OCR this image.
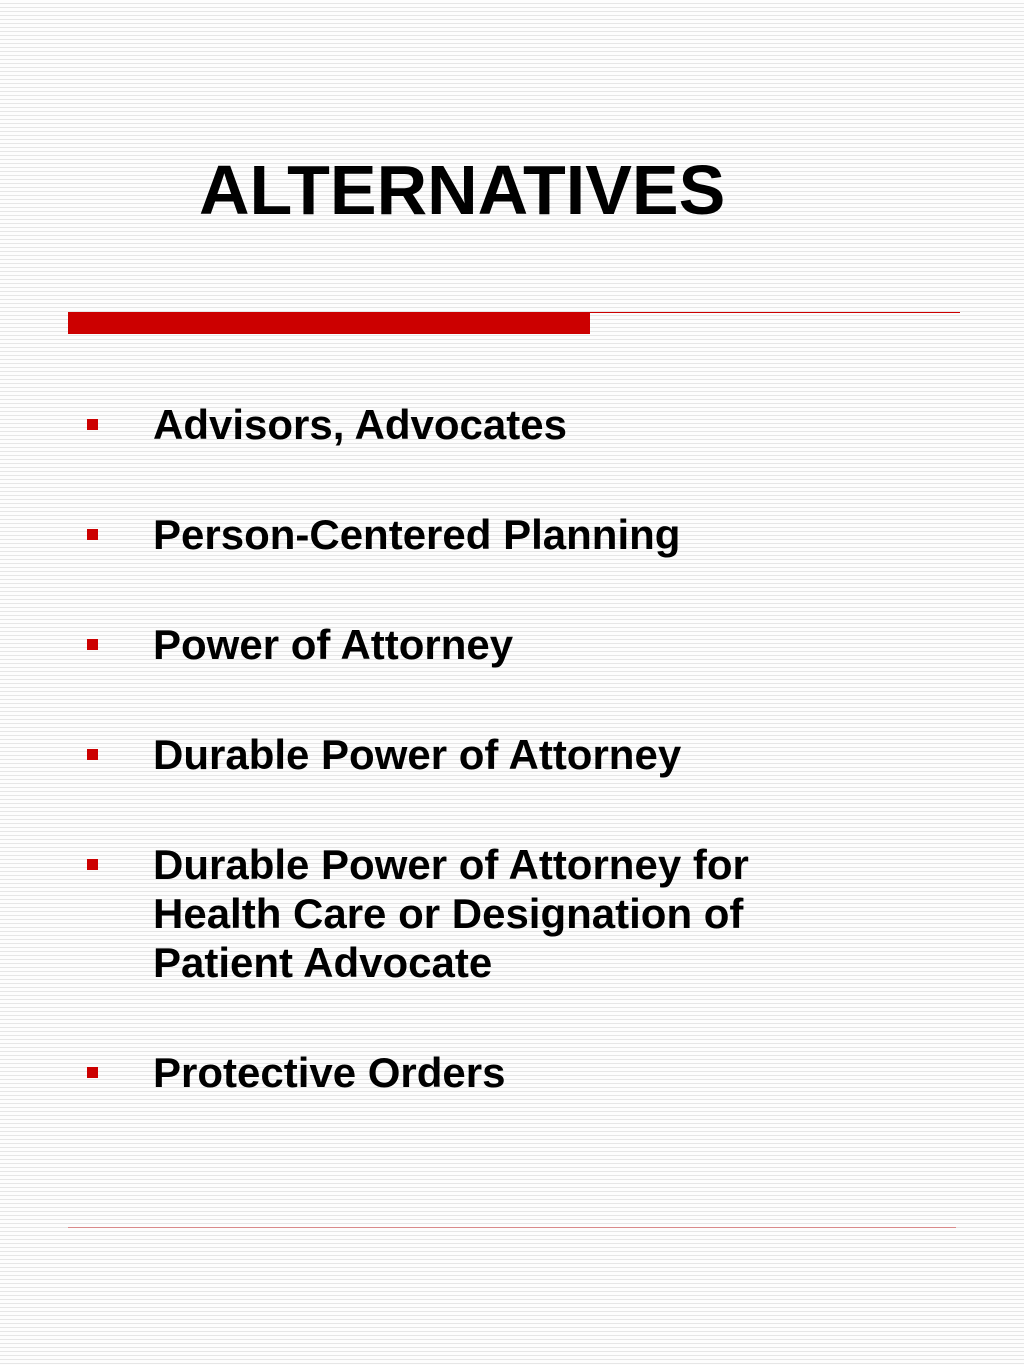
ALTERNATIVES
Advisors, Advocates
Person-Centered Planning
Power of Attorney
Durable Power of Attorney
Durable Power of Attorney for Health Care or Designation of Patient Advocate
Protective Orders
